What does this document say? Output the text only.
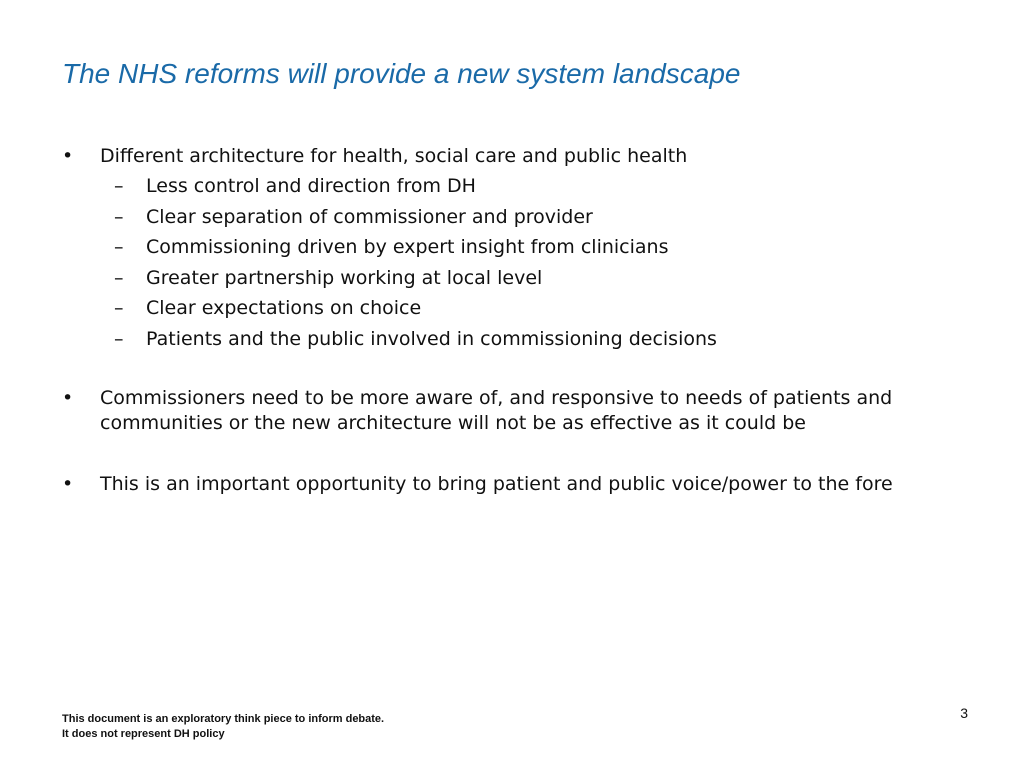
The NHS reforms will provide a new system landscape
•	Different architecture for health, social care and public health
– Less control and direction from DH
– Clear separation of commissioner and provider
– Commissioning driven by expert insight from clinicians
– Greater partnership working at local level
– Clear expectations on choice
– Patients and the public involved in commissioning decisions
•	Commissioners need to be more aware of, and responsive to needs of patients and communities or the new architecture will not be as effective as it could be
•	This is an important opportunity to bring patient and public voice/power to the fore
This document is an exploratory think piece to inform debate.
It does not represent DH policy
3
